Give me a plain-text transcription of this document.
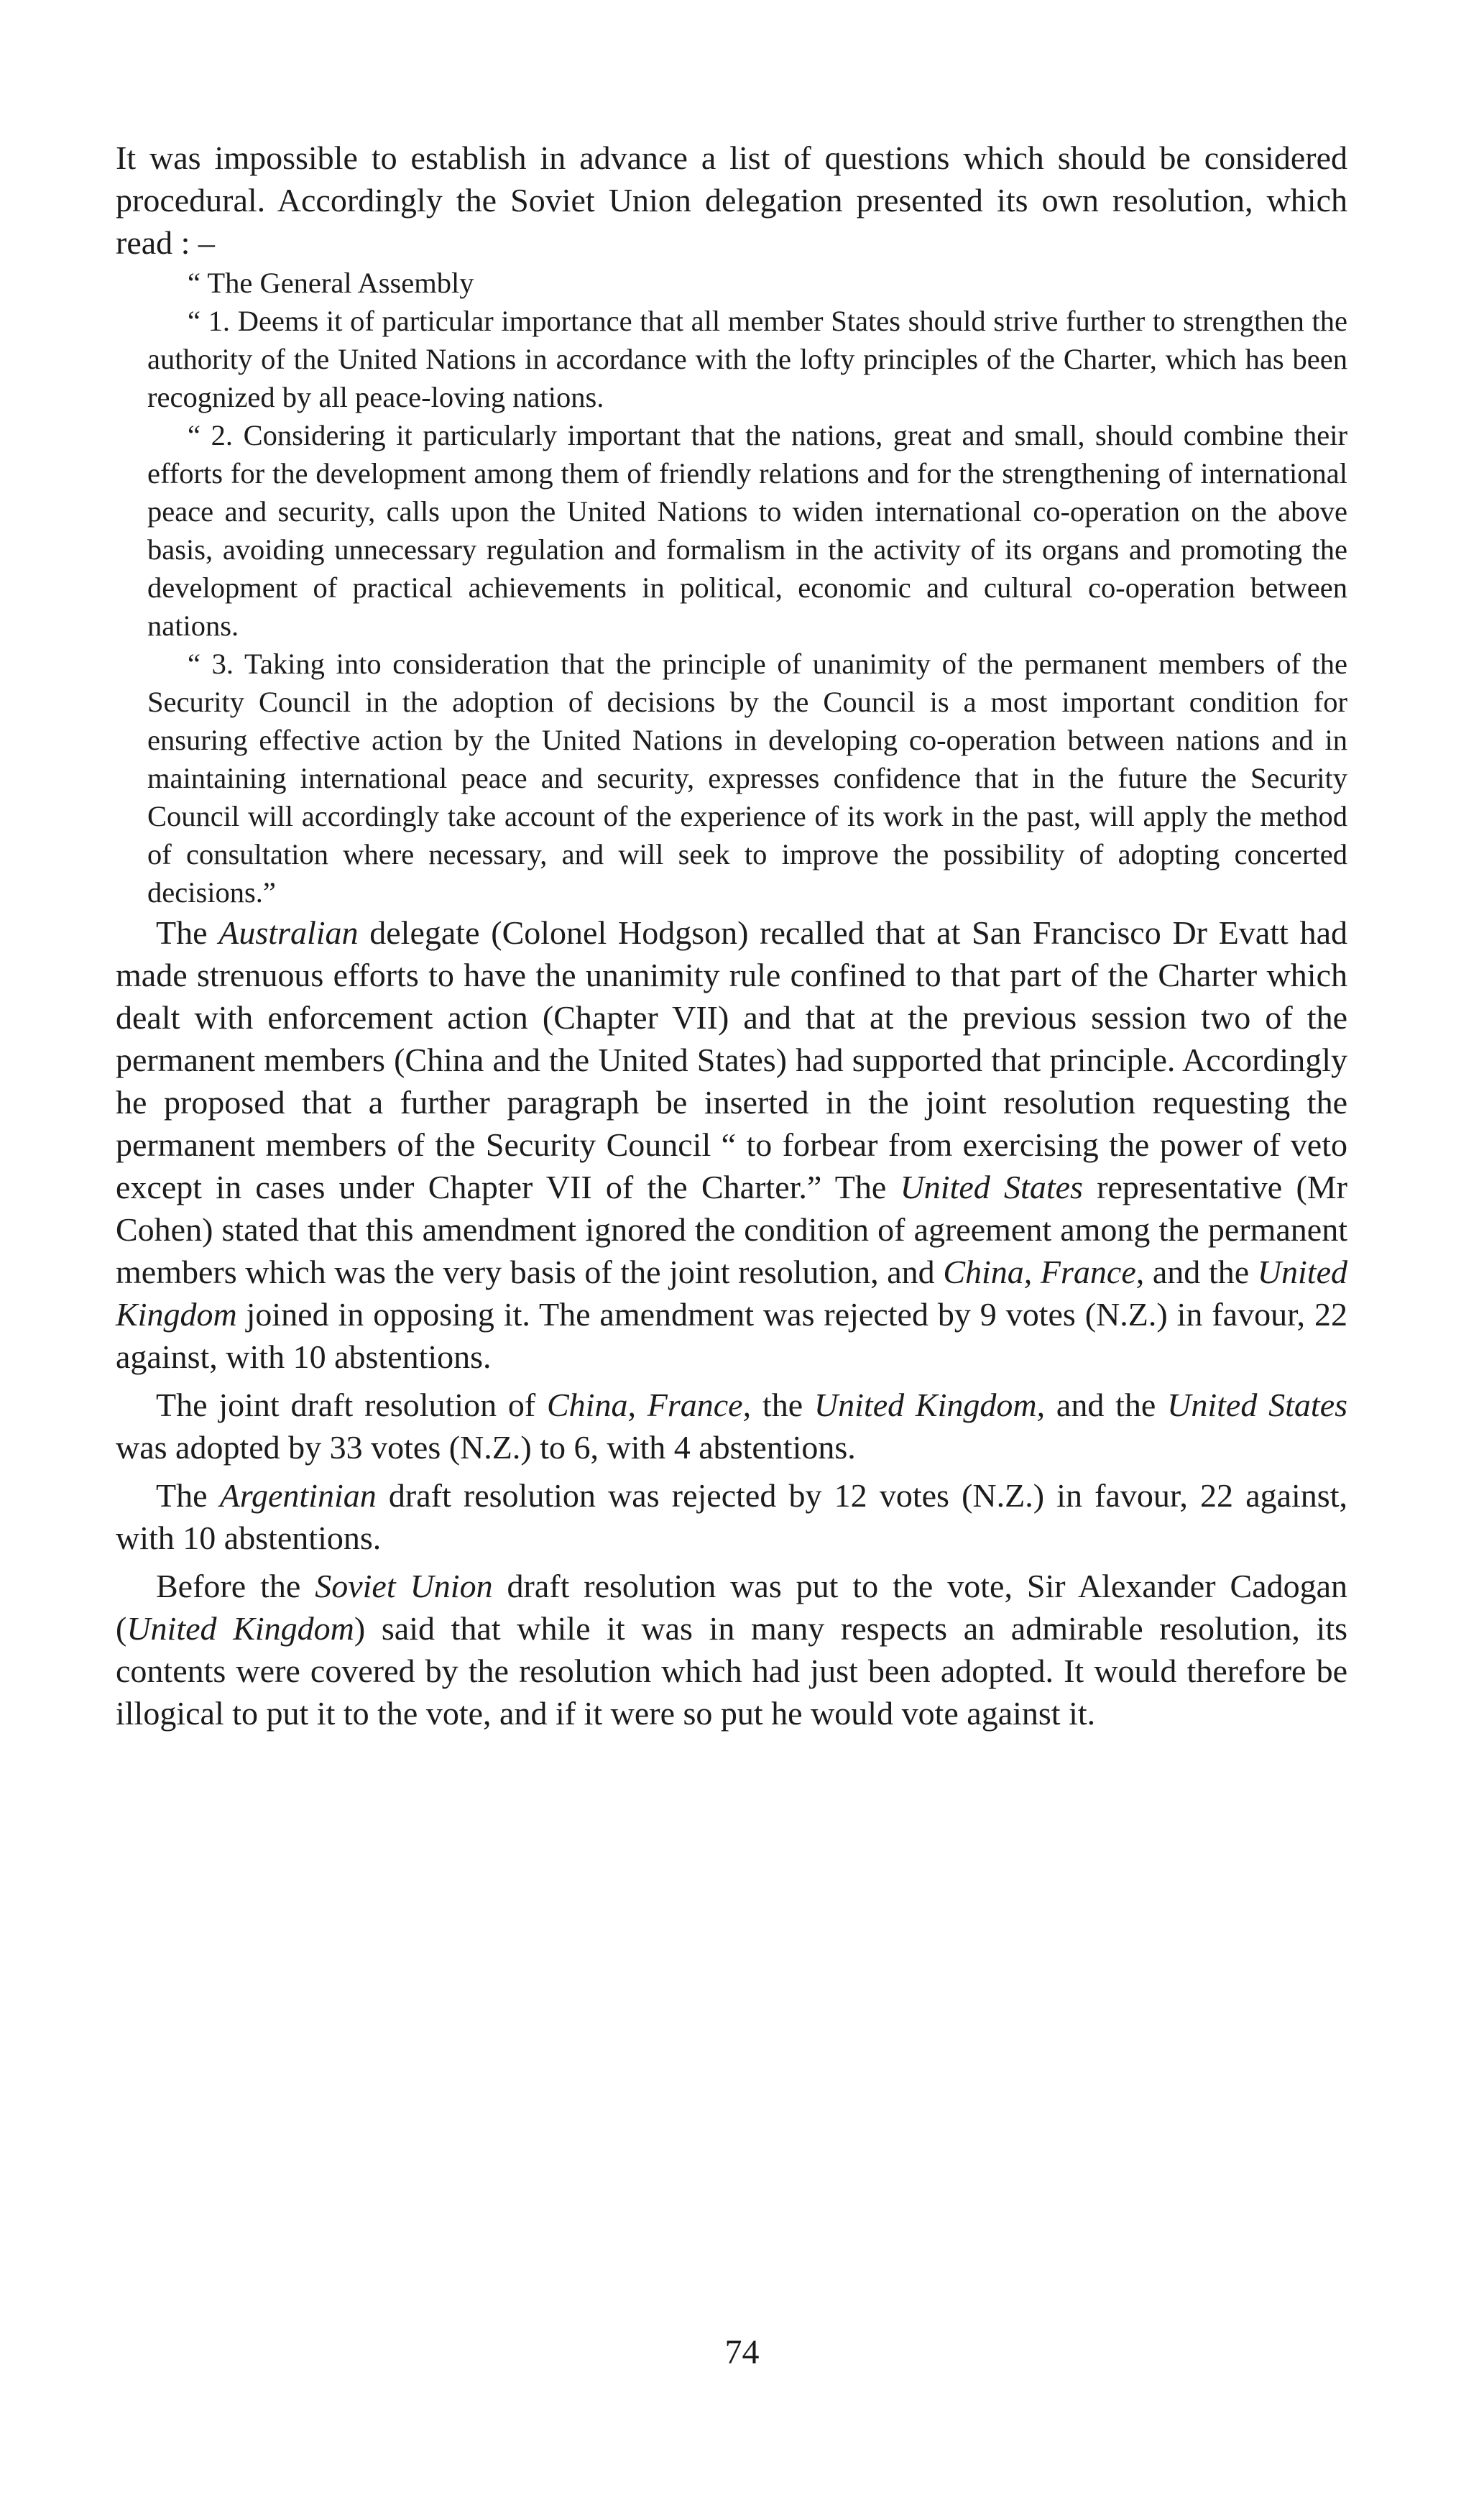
It was impossible to establish in advance a list of questions which should be considered procedural. Accordingly the Soviet Union delegation presented its own resolution, which read : –

“ The General Assembly

“ 1. Deems it of particular importance that all member States should strive further to strengthen the authority of the United Nations in accordance with the lofty principles of the Charter, which has been recognized by all peace-loving nations.

“ 2. Considering it particularly important that the nations, great and small, should combine their efforts for the development among them of friendly relations and for the strengthening of international peace and security, calls upon the United Nations to widen international co-operation on the above basis, avoiding unnecessary regulation and formalism in the activity of its organs and promoting the development of practical achievements in political, economic and cultural co-operation between nations.

“ 3. Taking into consideration that the principle of unanimity of the permanent members of the Security Council in the adoption of decisions by the Council is a most important condition for ensuring effective action by the United Nations in developing co-operation between nations and in maintaining international peace and security, expresses confidence that in the future the Security Council will accordingly take account of the experience of its work in the past, will apply the method of consultation where necessary, and will seek to improve the possibility of adopting concerted decisions.”

The Australian delegate (Colonel Hodgson) recalled that at San Francisco Dr Evatt had made strenuous efforts to have the unanimity rule confined to that part of the Charter which dealt with enforcement action (Chapter VII) and that at the previous session two of the permanent members (China and the United States) had supported that principle. Accordingly he proposed that a further paragraph be inserted in the joint resolution requesting the permanent members of the Security Council “ to forbear from exercising the power of veto except in cases under Chapter VII of the Charter.” The United States representative (Mr Cohen) stated that this amendment ignored the condition of agreement among the permanent members which was the very basis of the joint resolution, and China, France, and the United Kingdom joined in opposing it. The amendment was rejected by 9 votes (N.Z.) in favour, 22 against, with 10 abstentions.

The joint draft resolution of China, France, the United Kingdom, and the United States was adopted by 33 votes (N.Z.) to 6, with 4 abstentions.

The Argentinian draft resolution was rejected by 12 votes (N.Z.) in favour, 22 against, with 10 abstentions.

Before the Soviet Union draft resolution was put to the vote, Sir Alexander Cadogan (United Kingdom) said that while it was in many respects an admirable resolution, its contents were covered by the resolution which had just been adopted. It would therefore be illogical to put it to the vote, and if it were so put he would vote against it.

74
